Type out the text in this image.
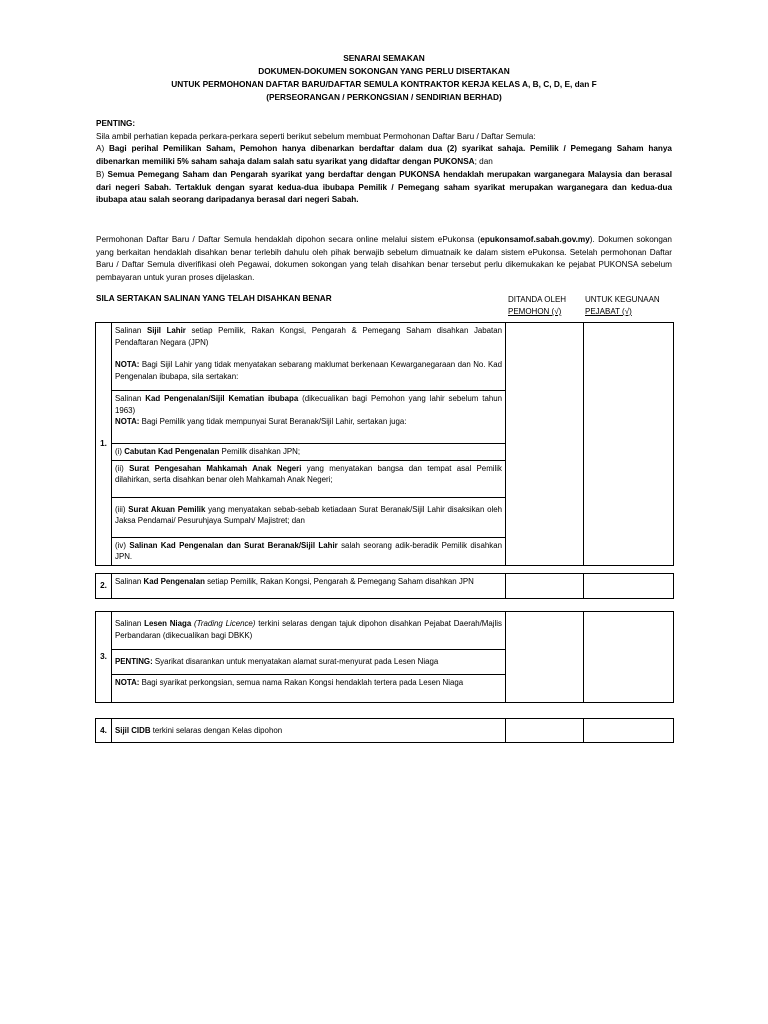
SENARAI SEMAKAN
DOKUMEN-DOKUMEN SOKONGAN YANG PERLU DISERTAKAN
UNTUK PERMOHONAN DAFTAR BARU/DAFTAR SEMULA KONTRAKTOR KERJA KELAS A, B, C, D, E, dan F
(PERSEORANGAN / PERKONGSIAN / SENDIRIAN BERHAD)

PENTING:

Sila ambil perhatian kepada perkara-perkara seperti berikut sebelum membuat Permohonan Daftar Baru / Daftar Semula:

A) Bagi perihal Pemilikan Saham, Pemohon hanya dibenarkan berdaftar dalam dua (2) syarikat sahaja. Pemilik / Pemegang Saham hanya dibenarkan memiliki 5% saham sahaja dalam salah satu syarikat yang didaftar dengan PUKONSA; dan

B) Semua Pemegang Saham dan Pengarah syarikat yang berdaftar dengan PUKONSA hendaklah merupakan warganegara Malaysia dan berasal dari negeri Sabah. Tertakluk dengan syarat kedua-dua ibubapa Pemilik / Pemegang saham syarikat merupakan warganegara dan kedua-dua ibubapa atau salah seorang daripadanya berasal dari negeri Sabah.

Permohonan Daftar Baru / Daftar Semula hendaklah dipohon secara online melalui sistem ePukonsa (epukonsamof.sabah.gov.my). Dokumen sokongan yang berkaitan hendaklah disahkan benar terlebih dahulu oleh pihak berwajib sebelum dimuatnaik ke dalam sistem ePukonsa. Setelah permohonan Daftar Baru / Daftar Semula diverifikasi oleh Pegawai, dokumen sokongan yang telah disahkan benar tersebut perlu dikemukakan ke pejabat PUKONSA sebelum pembayaran untuk yuran proses dijelaskan.
SILA SERTAKAN SALINAN YANG TELAH DISAHKAN BENAR	DITANDA OLEH
PEMOHON (√)
UNTUK KEGUNAAN
PEJABAT (√)
1.	

Salinan Sijil Lahir setiap Pemilik, Rakan Kongsi, Pengarah & Pemegang Saham disahkan Jabatan Pendaftaran Negara (JPN)

NOTA: Bagi Sijil Lahir yang tidak menyatakan sebarang maklumat berkenaan Kewarganegaraan dan No. Kad Pengenalan ibubapa, sila sertakan:

Salinan Kad Pengenalan/Sijil Kematian ibubapa (dikecualikan bagi Pemohon yang lahir sebelum tahun 1963)

NOTA: Bagi Pemilik yang tidak mempunyai Surat Beranak/Sijil Lahir, sertakan juga:

(i) Cabutan Kad Pengenalan Pemilik disahkan JPN;
(ii) Surat Pengesahan Mahkamah Anak Negeri yang menyatakan bangsa dan tempat asal Pemilik dilahirkan, serta disahkan benar oleh Mahkamah Anak Negeri;
(iii) Surat Akuan Pemilik yang menyatakan sebab-sebab ketiadaan Surat Beranak/Sijil Lahir disaksikan oleh Jaksa Pendamai/ Pesuruhjaya Sumpah/ Majistret; dan
(iv) Salinan Kad Pengenalan dan Surat Beranak/Sijil Lahir salah seorang adik-beradik Pemilik disahkan JPN.
2.	Salinan Kad Pengenalan setiap Pemilik, Rakan Kongsi, Pengarah & Pemegang Saham disahkan JPN		
3.	Salinan Lesen Niaga (Trading Licence) terkini selaras dengan tajuk dipohon disahkan Pejabat Daerah/Majlis Perbandaran (dikecualikan bagi DBKK)		
PENTING: Syarikat disarankan untuk menyatakan alamat surat-menyurat pada Lesen Niaga
NOTA: Bagi syarikat perkongsian, semua nama Rakan Kongsi hendaklah tertera pada Lesen Niaga
4.	Sijil CIDB terkini selaras dengan Kelas dipohon		
